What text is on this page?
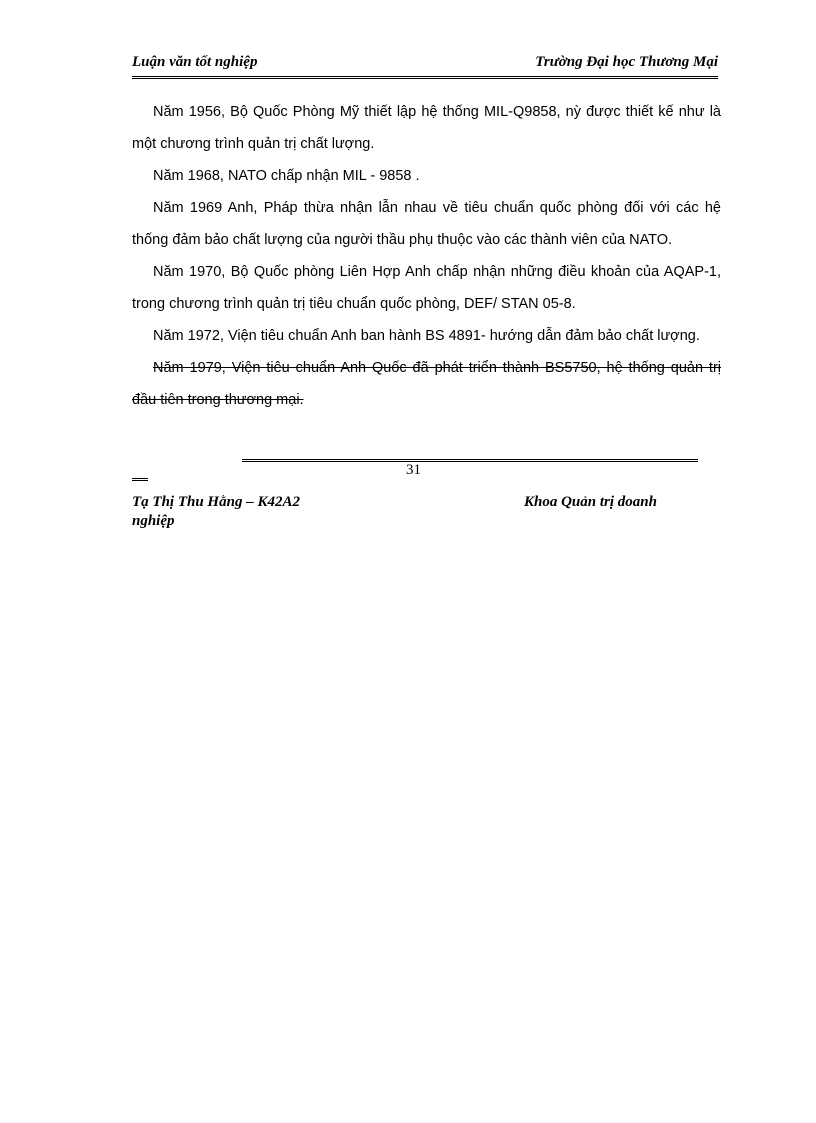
Luận văn tốt nghiệp	Trường Đại học Thương Mại

Năm 1956, Bộ Quốc Phòng Mỹ thiết lập hệ thống MIL-Q9858, nỳ được thiết kế như là một chương trình quản trị chất lượng.

Năm 1968, NATO chấp nhận MIL - 9858 .

Năm 1969 Anh, Pháp thừa nhận lẫn nhau về tiêu chuẩn quốc phòng đối với các hệ thống đảm bảo chất lượng của người thầu phụ thuộc vào các thành viên của NATO.

Năm 1970, Bộ Quốc phòng Liên Hợp Anh chấp nhận những điều khoản của AQAP-1, trong chương trình quản trị tiêu chuẩn quốc phòng, DEF/ STAN 05-8.

Năm 1972, Viện tiêu chuẩn Anh ban hành BS 4891- hướng dẫn đảm bảo chất lượng.

Năm 1979, Viện tiêu chuẩn Anh Quốc đã phát triển thành BS5750, hệ thống quản trị đầu tiên trong thương mại.

31
Tạ Thị Thu Hằng – K42A2	Khoa Quản trị doanh
nghiệp
